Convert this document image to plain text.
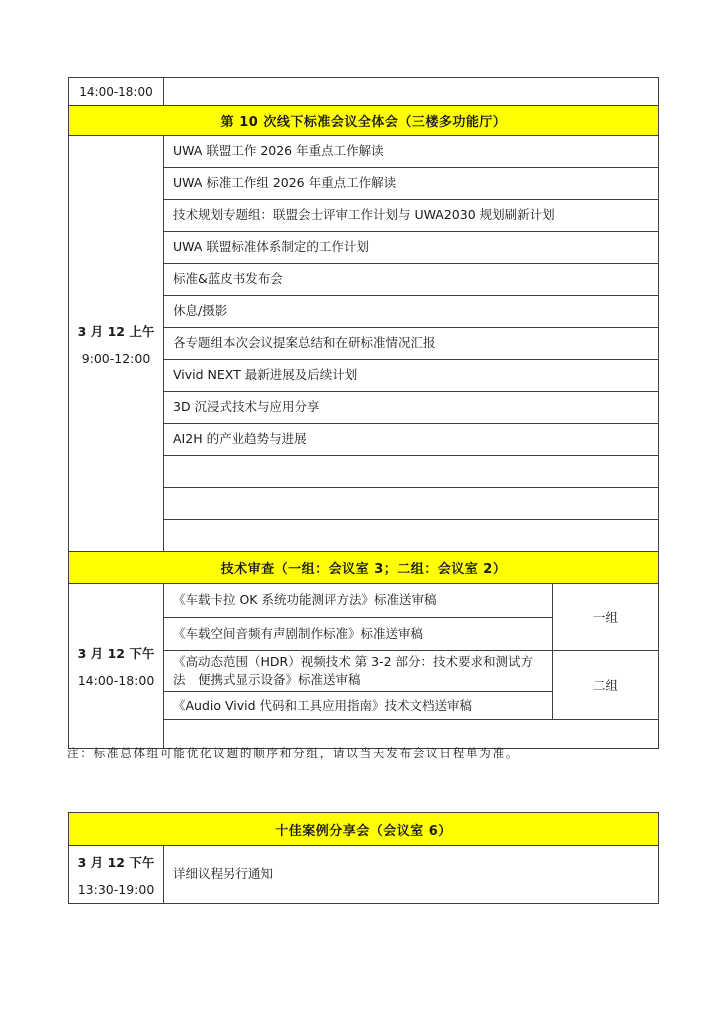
14:00-18:00		
第 10 次线下标准会议全体会（三楼多功能厅）		

3 月 12 上午
9:00-12:00	UWA 联盟工作 2026 年重点工作解读	
	UWA 标准工作组 2026 年重点工作解读	
	技术规划专题组：联盟会士评审工作计划与 UWA2030 规划刷新计划	
	UWA 联盟标准体系制定的工作计划	
	标准&蓝皮书发布会	
	休息/摄影	
	各专题组本次会议提案总结和在研标准情况汇报	
	Vivid NEXT 最新进展及后续计划	
	3D 沉浸式技术与应用分享	
	AI2H 的产业趋势与进展	

技术审查（一组：会议室 3；二组：会议室 2）		

3 月 12 下午
14:00-18:00	《车载卡拉 OK 系统功能测评方法》标准送审稿	一组
	《车载空间音频有声剧制作标准》标准送审稿	
	《高动态范围（HDR）视频技术 第 3-2 部分：技术要求和测试方法　便携式显示设备》标准送审稿	二组
	《Audio Vivid 代码和工具应用指南》技术文档送审稿	

注：标准总体组可能优化议题的顺序和分组，请以当天发布会议日程单为准。
十佳案例分享会（会议室 6）

3 月 12 下午
13:30-19:00
	详细议程另行通知
